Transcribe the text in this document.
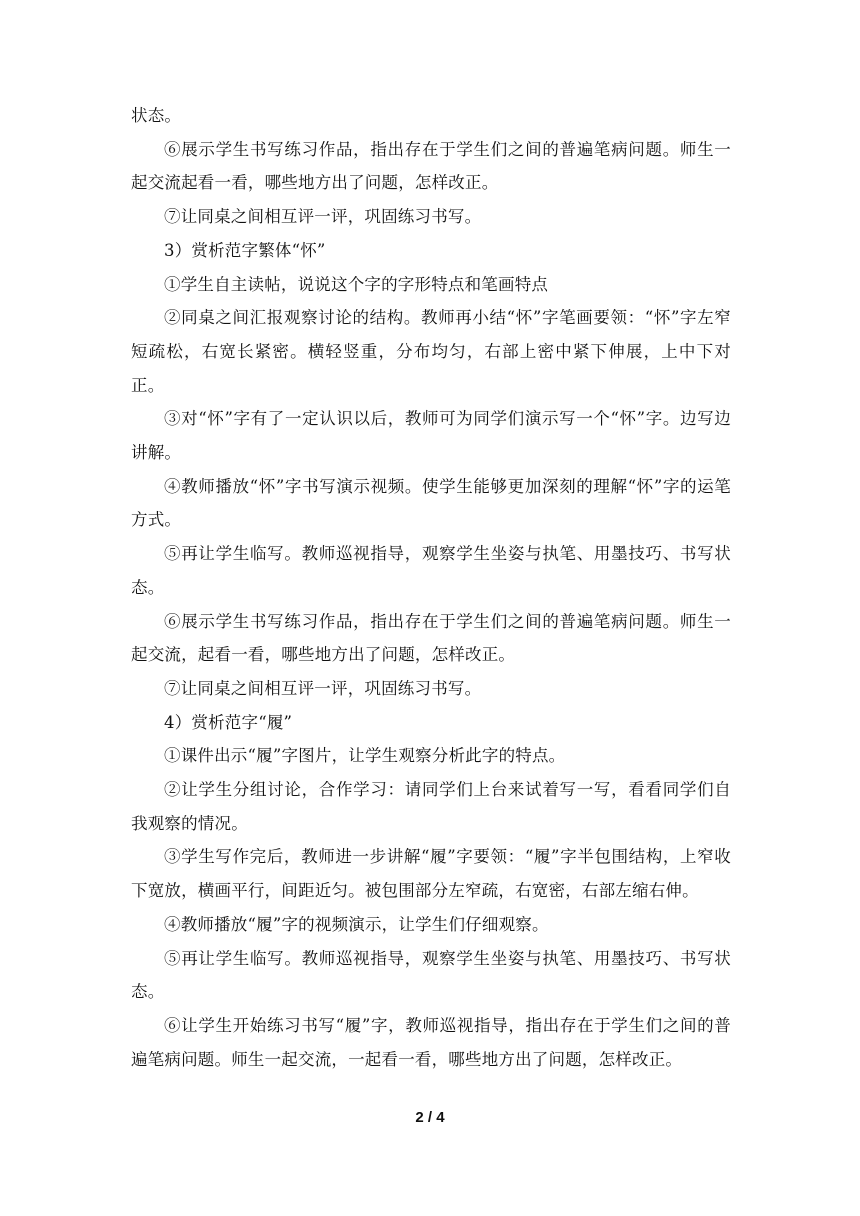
状态。

⑥展示学生书写练习作品，指出存在于学生们之间的普遍笔病问题。师生一起交流起看一看，哪些地方出了问题，怎样改正。

⑦让同桌之间相互评一评，巩固练习书写。

3）赏析范字繁体“怀”

①学生自主读帖，说说这个字的字形特点和笔画特点

②同桌之间汇报观察讨论的结构。教师再小结“怀”字笔画要领：“怀”字左窄短疏松，右宽长紧密。横轻竖重，分布均匀，右部上密中紧下伸展，上中下对正。

③对“怀”字有了一定认识以后，教师可为同学们演示写一个“怀”字。边写边讲解。

④教师播放“怀”字书写演示视频。使学生能够更加深刻的理解“怀”字的运笔方式。

⑤再让学生临写。教师巡视指导，观察学生坐姿与执笔、用墨技巧、书写状态。

⑥展示学生书写练习作品，指出存在于学生们之间的普遍笔病问题。师生一起交流，起看一看，哪些地方出了问题，怎样改正。

⑦让同桌之间相互评一评，巩固练习书写。

4）赏析范字“履”

①课件出示“履”字图片，让学生观察分析此字的特点。

②让学生分组讨论，合作学习：请同学们上台来试着写一写，看看同学们自我观察的情况。

③学生写作完后，教师进一步讲解“履”字要领：“履”字半包围结构，上窄收下宽放，横画平行，间距近匀。被包围部分左窄疏，右宽密，右部左缩右伸。

④教师播放“履”字的视频演示，让学生们仔细观察。

⑤再让学生临写。教师巡视指导，观察学生坐姿与执笔、用墨技巧、书写状态。

⑥让学生开始练习书写“履”字，教师巡视指导，指出存在于学生们之间的普遍笔病问题。师生一起交流，一起看一看，哪些地方出了问题，怎样改正。

2 / 4
